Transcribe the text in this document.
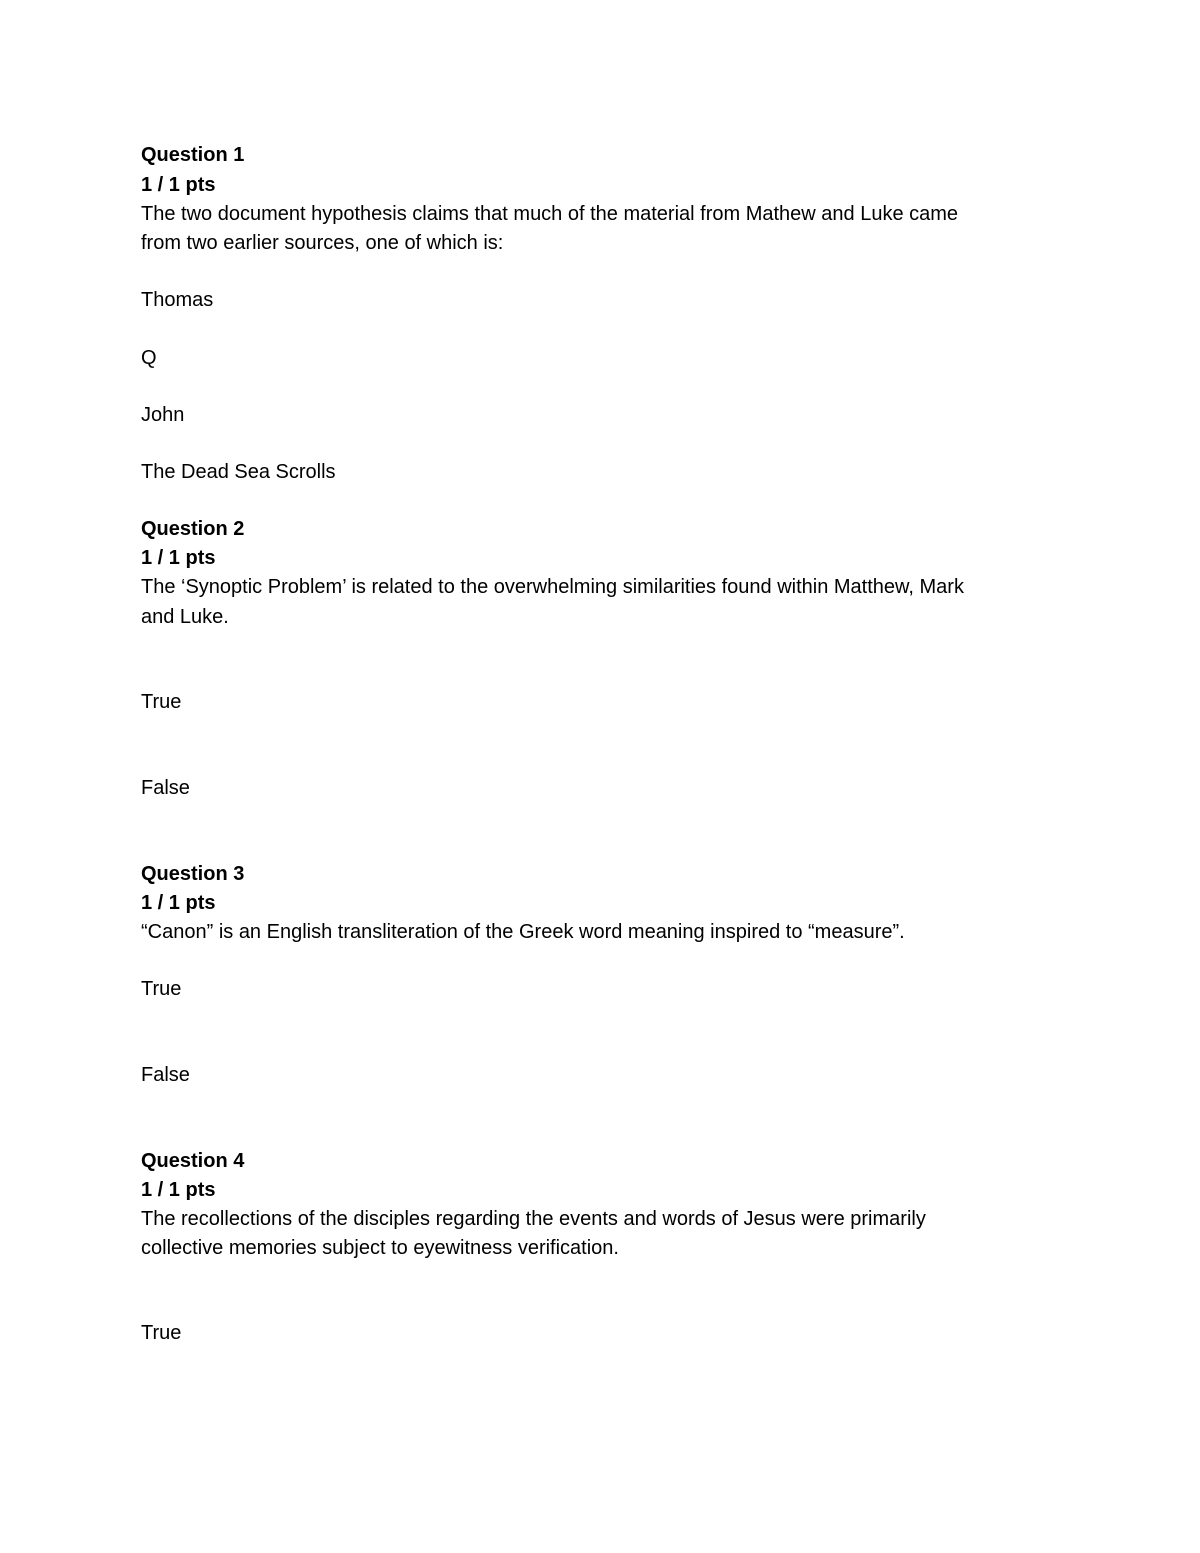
Question 1
1 / 1 pts
The two document hypothesis claims that much of the material from Mathew and Luke came
from two earlier sources, one of which is:
Thomas
Q
John
The Dead Sea Scrolls
Question 2
1 / 1 pts
The ‘Synoptic Problem’ is related to the overwhelming similarities found within Matthew, Mark
and Luke.
True
False
Question 3
1 / 1 pts
“Canon” is an English transliteration of the Greek word meaning inspired to “measure”.
True
False
Question 4
1 / 1 pts
The recollections of the disciples regarding the events and words of Jesus were primarily
collective memories subject to eyewitness verification.
True
